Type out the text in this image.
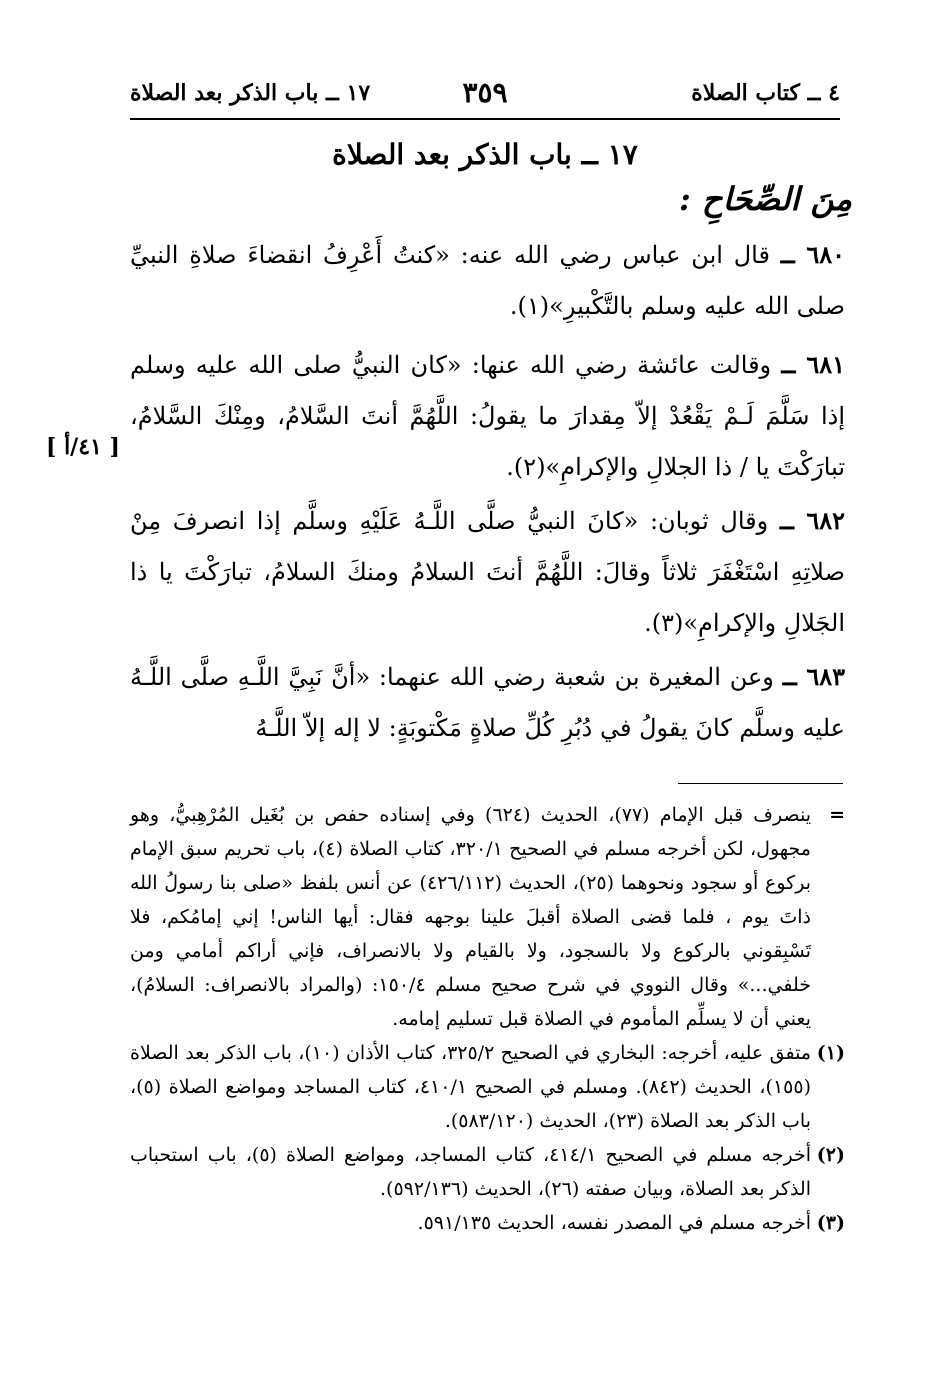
٤ ــ كتاب الصلاة
٣٥٩
١٧ ــ باب الذكر بعد الصلاة
١٧ ــ باب الذكر بعد الصلاة
مِنَ الصِّحَاحِ :
٦٨٠ ــ قال ابن عباس رضي الله عنه: «كنتُ أَعْرِفُ انقضاءَ صلاةِ النبيِّ صلى الله عليه وسلم بالتَّكْبيرِ»(١).
٦٨١ ــ وقالت عائشة رضي الله عنها: «كان النبيُّ صلى الله عليه وسلم إذا سَلَّمَ لَـمْ يَقْعُدْ إلاّ مِقدارَ ما يقولُ: اللَّهُمَّ أنتَ السَّلامُ، ومِنْكَ السَّلامُ، تبارَكْتَ يا / ذا الجلالِ والإكرامِ»(٢).
[ ٤١/أ ]
٦٨٢ ــ وقال ثوبان: «كانَ النبيُّ صلَّى اللَّـهُ عَلَيْهِ وسلَّم إذا انصرفَ مِنْ صلاتِهِ اسْتَغْفَرَ ثلاثاً وقالَ: اللَّهُمَّ أنتَ السلامُ ومنكَ السلامُ، تبارَكْتَ يا ذا الجَلالِ والإكرامِ»(٣).
٦٨٣ ــ وعن المغيرة بن شعبة رضي الله عنهما: «أنَّ نَبِيَّ اللَّـهِ صلَّى اللَّـهُ عليه وسلَّم كانَ يقولُ في دُبُرِ كُلِّ صلاةٍ مَكْتوبَةٍ: لا إله إلاّ اللَّـهُ
=
ينصرف قبل الإمام (٧٧)، الحديث (٦٢٤) وفي إسناده حفص بن بُغَيل المُرْهِبيُّ، وهو مجهول، لكن أخرجه مسلم في الصحيح ٣٢٠/١، كتاب الصلاة (٤)، باب تحريم سبق الإمام بركوع أو سجود ونحوهما (٢٥)، الحديث (٤٢٦/١١٢) عن أنس بلفظ «صلى بنا رسولُ الله ذاتَ يوم ، فلما قضى الصلاة أقبلَ علينا بوجهه فقال: أيها الناس! إني إمامُكم، فلا تَسْبِقوني بالركوع ولا بالسجود، ولا بالقيام ولا بالانصراف، فإني أراكم أمامي ومن خلفي...» وقال النووي في شرح صحيح مسلم ١٥٠/٤: (والمراد بالانصراف: السلامُ)، يعني أن لا يسلِّم المأموم في الصلاة قبل تسليم إمامه.
(١)
متفق عليه، أخرجه: البخاري في الصحيح ٣٢٥/٢، كتاب الأذان (١٠)، باب الذكر بعد الصلاة (١٥٥)، الحديث (٨٤٢). ومسلم في الصحيح ٤١٠/١، كتاب المساجد ومواضع الصلاة (٥)، باب الذكر بعد الصلاة (٢٣)، الحديث (٥٨٣/١٢٠).
(٢)
أخرجه مسلم في الصحيح ٤١٤/١، كتاب المساجد، ومواضع الصلاة (٥)، باب استحباب الذكر بعد الصلاة، وبيان صفته (٢٦)، الحديث (٥٩٢/١٣٦).
(٣)
أخرجه مسلم في المصدر نفسه، الحديث ٥٩١/١٣٥.
